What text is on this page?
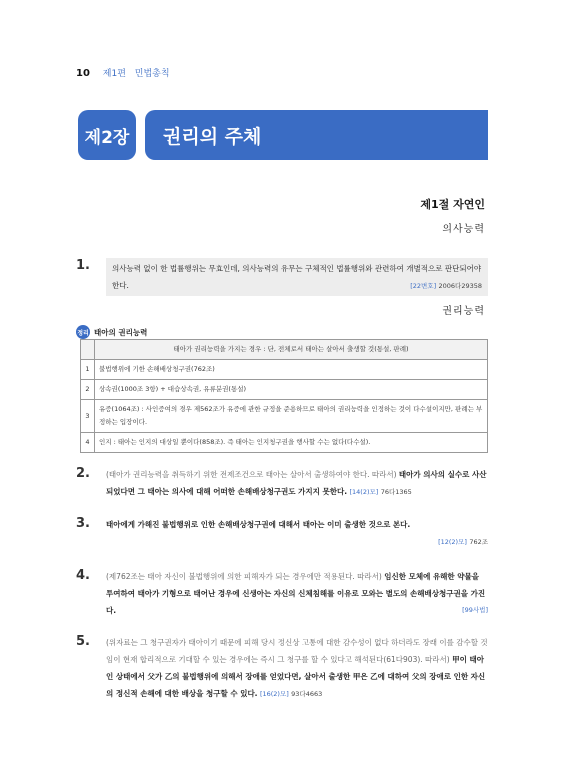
10 제1편 민법총칙
제2장	권리의 주체
제1절 자연인
의사능력
1.	의사능력 없이 한 법률행위는 무효인데, 의사능력의 유무는 구체적인 법률행위와 관련하여 개별적으로 판단되어야 한다.	[22변호] 2006다29358
권리능력
정리 태아의 권리능력
	태아가 권리능력을 가지는 경우 : 단, 전체로서 태아는 살아서 출생할 것(통설, 판례)
1	불법행위에 기한 손해배상청구권(762조)
2	상속권(1000조 3항) + 대습상속권, 유류분권(통설)
3	유증(1064조) : 사인증여의 경우 제562조가 유증에 관한 규정을 준용하므로 태아의 권리능력을 인정하는 것이 다수설이지만, 판례는 부정하는 입장이다.
4	인지 : 태아는 인지의 대상일 뿐이다(858조). 즉 태아는 인지청구권을 행사할 수는 없다(다수설).
2. (태아가 권리능력을 취득하기 위한 전제조건으로 태아는 살아서 출생하여야 한다. 따라서) 태아가 의사의 실수로 사산되었다면 그 태아는 의사에 대해 어떠한 손해배상청구권도 가지지 못한다. [14(2)모] 76다1365
3. 태아에게 가해진 불법행위로 인한 손해배상청구권에 대해서 태아는 이미 출생한 것으로 본다.
[12(2)모] 762조
4. (제762조는 태아 자신이 불법행위에 의한 피해자가 되는 경우에만 적용된다. 따라서) 임신한 모체에 유해한 약물을 투여하여 태아가 기형으로 태어난 경우에 신생아는 자신의 신체침해를 이유로 모와는 별도의 손해배상청구권을 가진다.	[99사법]
5. (위자료는 그 청구권자가 태아이기 때문에 피해 당시 정신상 고통에 대한 감수성이 없다 하더라도 장래 이를 감수할 것임이 현재 합리적으로 기대할 수 있는 경우에는 즉시 그 청구를 할 수 있다고 해석된다(61다903). 따라서) 甲이 태아인 상태에서 父가 乙의 불법행위에 의해서 장애를 얻었다면, 살아서 출생한 甲은 乙에 대하여 父의 장애로 인한 자신의 정신적 손해에 대한 배상을 청구할 수 있다. [16(2)모] 93다4663
